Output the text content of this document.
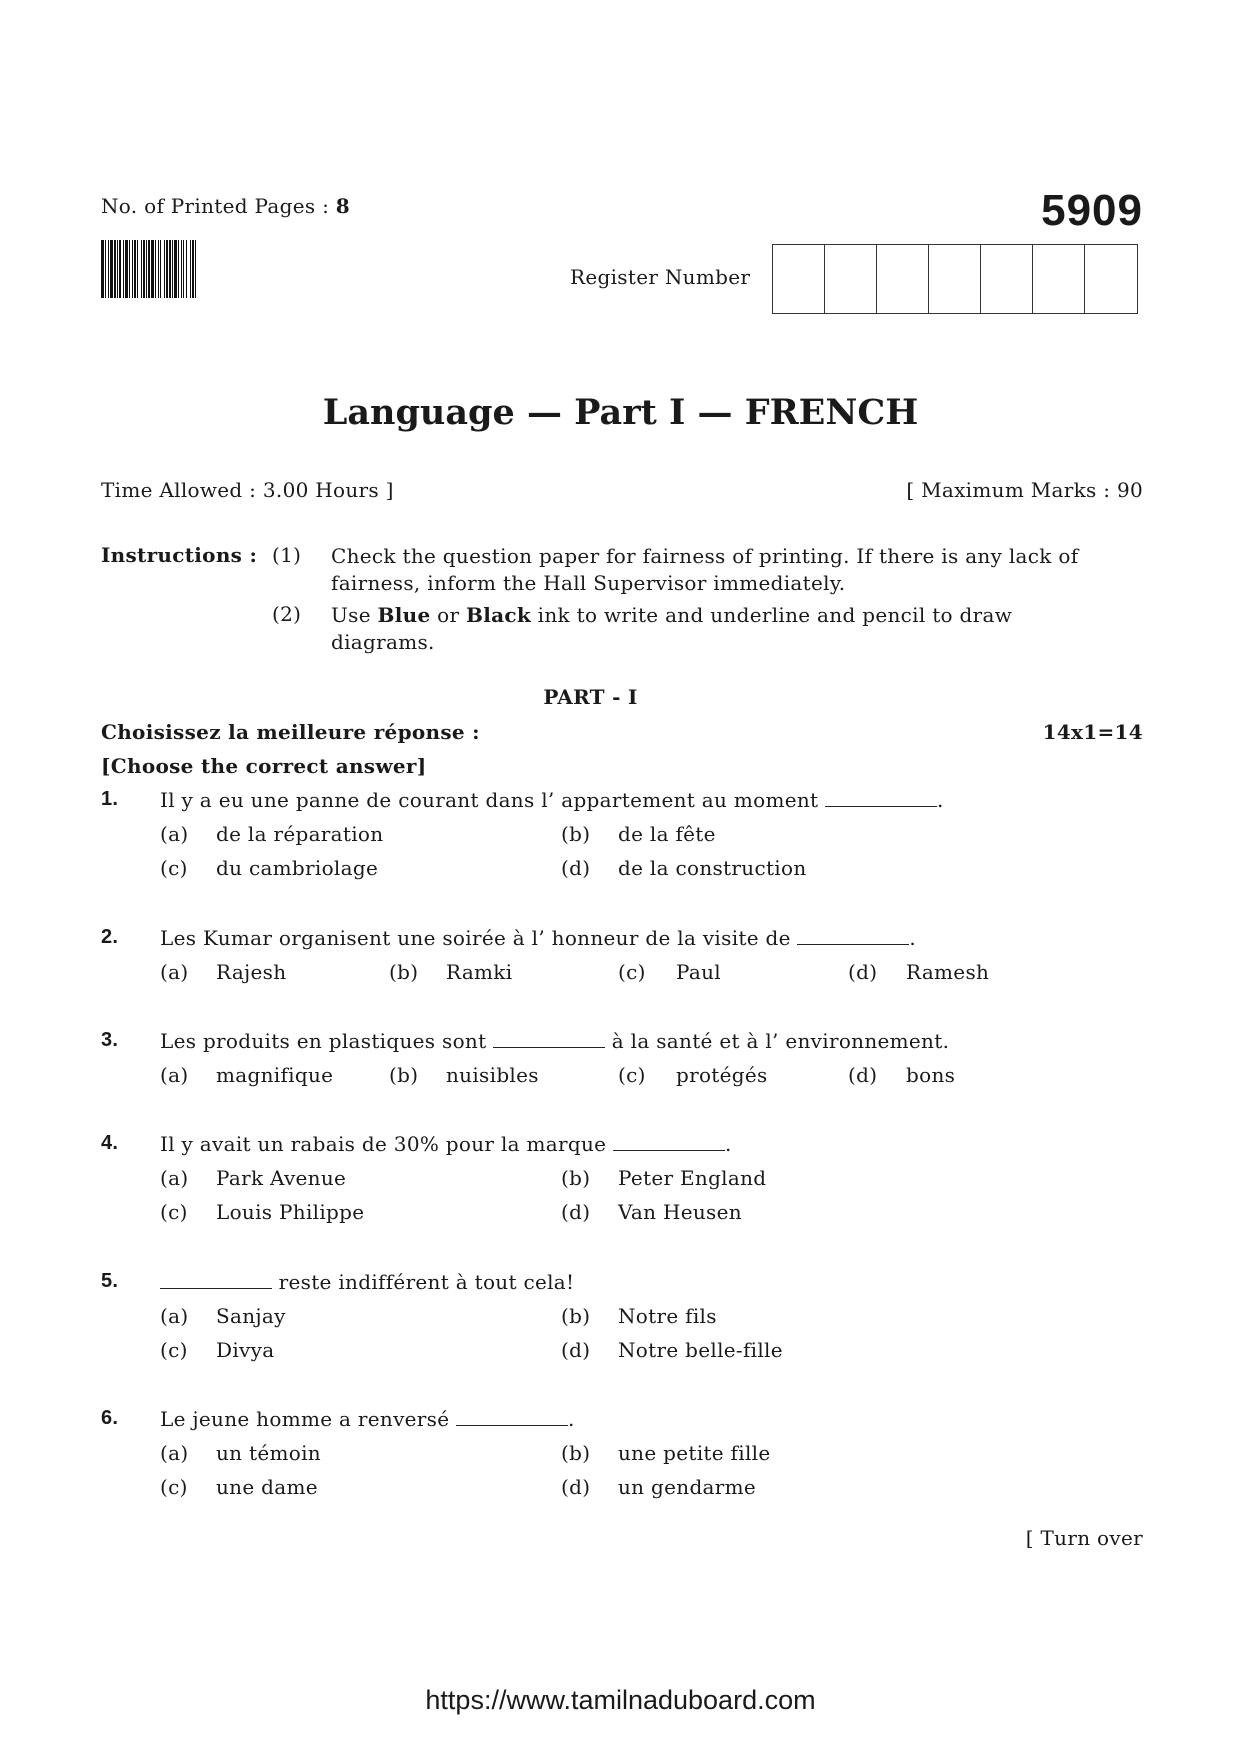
No. of Printed Pages : 8	5909
Register Number
Language — Part I — FRENCH
Time Allowed : 3.00 Hours ]	[ Maximum Marks : 90
Instructions : (1) Check the question paper for fairness of printing. If there is any lack of
fairness, inform the Hall Supervisor immediately.
(2) Use Blue or Black ink to write and underline and pencil to draw
diagrams.
PART - I
Choisissez la meilleure réponse :	14x1=14
[Choose the correct answer]
1. Il y a eu une panne de courant dans l’ appartement au moment	.
(a) de la réparation	(b) de la fête
(c) du cambriolage	(d) de la construction
2. Les Kumar organisent une soirée à l’ honneur de la visite de	.
(a) Rajesh	(b) Ramki	(c) Paul	(d) Ramesh
3. Les produits en plastiques sont	à la santé et à l’ environnement.
(a) magnifique	(b) nuisibles	(c) protégés	(d) bons
4. Il y avait un rabais de 30% pour la marque	.
(a) Park Avenue	(b) Peter England
(c) Louis Philippe	(d) Van Heusen
5.	reste indifférent à tout cela!
(a) Sanjay	(b) Notre fils
(c) Divya	(d) Notre belle-fille
6. Le jeune homme a renversé	.
(a) un témoin	(b) une petite fille
(c) une dame	(d) un gendarme
[ Turn over
https://www.tamilnaduboard.com
